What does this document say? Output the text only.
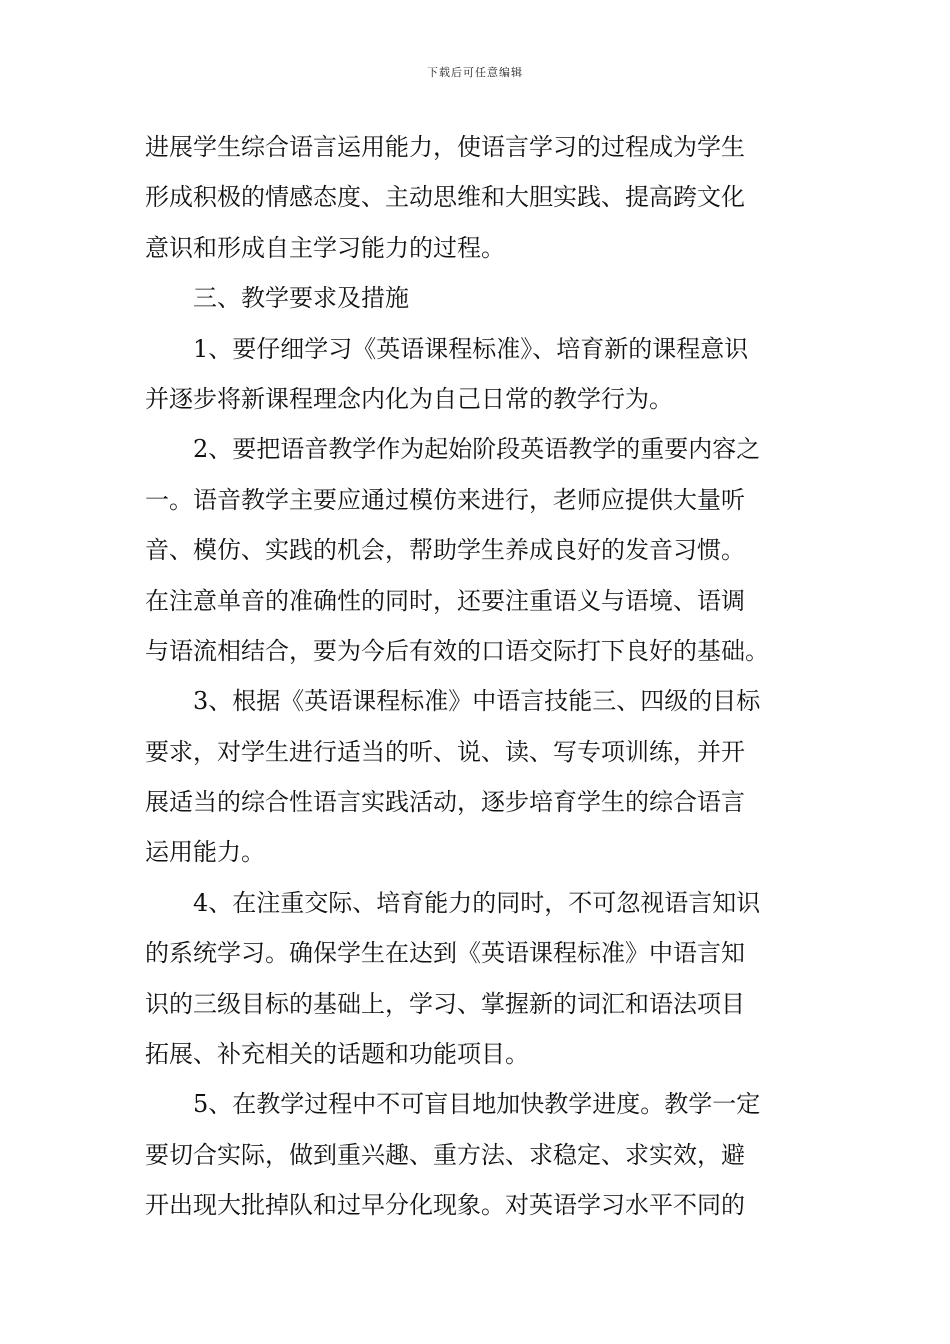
下载后可任意编辑
进展学生综合语言运用能力，使语言学习的过程成为学生
形成积极的情感态度、主动思维和大胆实践、提高跨文化
意识和形成自主学习能力的过程。
三、教学要求及措施
1、要仔细学习《英语课程标准》、培育新的课程意识
并逐步将新课程理念内化为自己日常的教学行为。
2、要把语音教学作为起始阶段英语教学的重要内容之
一。语音教学主要应通过模仿来进行，老师应提供大量听
音、模仿、实践的机会，帮助学生养成良好的发音习惯。
在注意单音的准确性的同时，还要注重语义与语境、语调
与语流相结合，要为今后有效的口语交际打下良好的基础。
3、根据《英语课程标准》中语言技能三、四级的目标
要求，对学生进行适当的听、说、读、写专项训练，并开
展适当的综合性语言实践活动，逐步培育学生的综合语言
运用能力。
4、在注重交际、培育能力的同时，不可忽视语言知识
的系统学习。确保学生在达到《英语课程标准》中语言知
识的三级目标的基础上，学习、掌握新的词汇和语法项目
拓展、补充相关的话题和功能项目。
5、在教学过程中不可盲目地加快教学进度。教学一定
要切合实际，做到重兴趣、重方法、求稳定、求实效，避
开出现大批掉队和过早分化现象。对英语学习水平不同的
